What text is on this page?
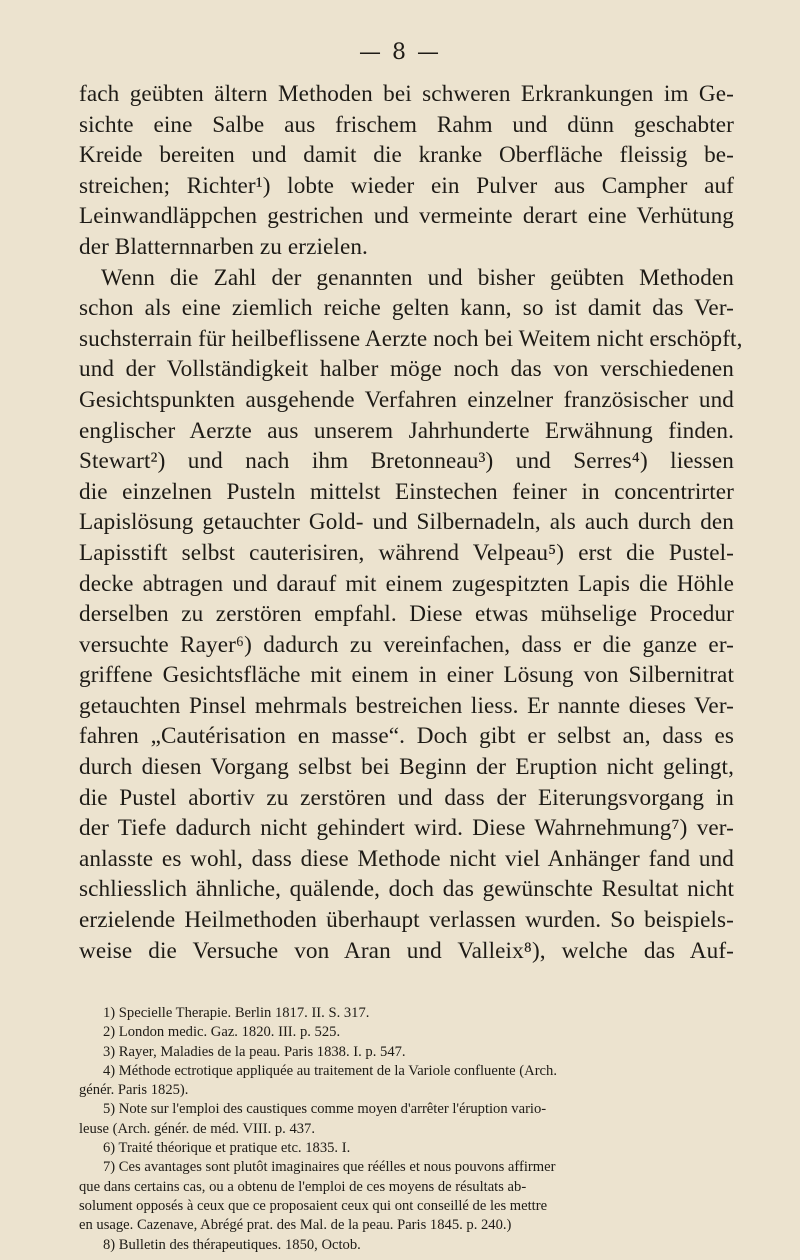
— 8 —
fach geübten ältern Methoden bei schweren Erkrankungen im Ge-
sichte eine Salbe aus frischem Rahm und dünn geschabter
Kreide bereiten und damit die kranke Oberfläche fleissig be-
streichen; Richter¹) lobte wieder ein Pulver aus Campher auf
Leinwandläppchen gestrichen und vermeinte derart eine Verhütung
der Blatternnarben zu erzielen.
Wenn die Zahl der genannten und bisher geübten Methoden
schon als eine ziemlich reiche gelten kann, so ist damit das Ver-
suchsterrain für heilbeflissene Aerzte noch bei Weitem nicht erschöpft,
und der Vollständigkeit halber möge noch das von verschiedenen
Gesichtspunkten ausgehende Verfahren einzelner französischer und
englischer Aerzte aus unserem Jahrhunderte Erwähnung finden.
Stewart²) und nach ihm Bretonneau³) und Serres⁴) liessen
die einzelnen Pusteln mittelst Einstechen feiner in concentrirter
Lapislösung getauchter Gold- und Silbernadeln, als auch durch den
Lapisstift selbst cauterisiren, während Velpeau⁵) erst die Pustel-
decke abtragen und darauf mit einem zugespitzten Lapis die Höhle
derselben zu zerstören empfahl. Diese etwas mühselige Procedur
versuchte Rayer⁶) dadurch zu vereinfachen, dass er die ganze er-
griffene Gesichtsfläche mit einem in einer Lösung von Silbernitrat
getauchten Pinsel mehrmals bestreichen liess. Er nannte dieses Ver-
fahren „Cautérisation en masse“. Doch gibt er selbst an, dass es
durch diesen Vorgang selbst bei Beginn der Eruption nicht gelingt,
die Pustel abortiv zu zerstören und dass der Eiterungsvorgang in
der Tiefe dadurch nicht gehindert wird. Diese Wahrnehmung⁷) ver-
anlasste es wohl, dass diese Methode nicht viel Anhänger fand und
schliesslich ähnliche, quälende, doch das gewünschte Resultat nicht
erzielende Heilmethoden überhaupt verlassen wurden. So beispiels-
weise die Versuche von Aran und Valleix⁸), welche das Auf-
1) Specielle Therapie. Berlin 1817. II. S. 317.
2) London medic. Gaz. 1820. III. p. 525.
3) Rayer, Maladies de la peau. Paris 1838. I. p. 547.
4) Méthode ectrotique appliquée au traitement de la Variole confluente (Arch.
génér. Paris 1825).
5) Note sur l'emploi des caustiques comme moyen d'arrêter l'éruption vario-
leuse (Arch. génér. de méd. VIII. p. 437.
6) Traité théorique et pratique etc. 1835. I.
7) Ces avantages sont plutôt imaginaires que réélles et nous pouvons affirmer
que dans certains cas, ou a obtenu de l'emploi de ces moyens de résultats ab-
solument opposés à ceux que ce proposaient ceux qui ont conseillé de les mettre
en usage. Cazenave, Abrégé prat. des Mal. de la peau. Paris 1845. p. 240.)
8) Bulletin des thérapeutiques. 1850, Octob.
